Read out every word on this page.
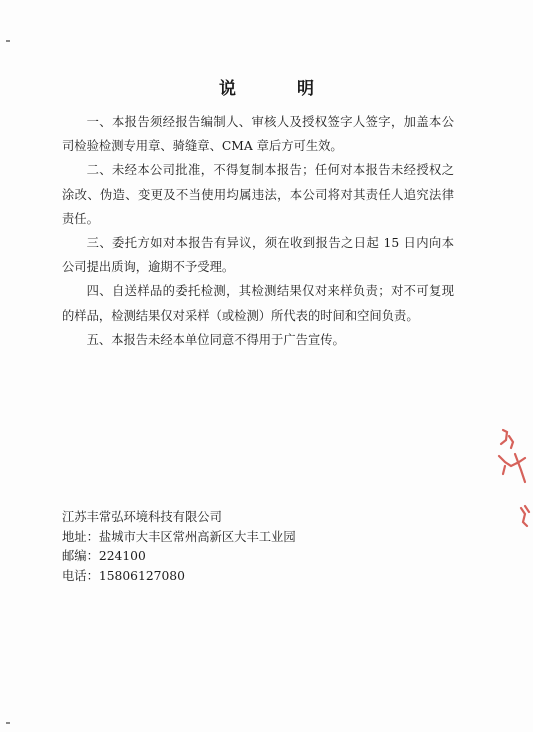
说　明

一、本报告须经报告编制人、审核人及授权签字人签字，加盖本公司检验检测专用章、骑缝章、CMA 章后方可生效。

二、未经本公司批准，不得复制本报告；任何对本报告未经授权之涂改、伪造、变更及不当使用均属违法，本公司将对其责任人追究法律责任。

三、委托方如对本报告有异议，须在收到报告之日起 15 日内向本公司提出质询，逾期不予受理。

四、自送样品的委托检测，其检测结果仅对来样负责；对不可复现的样品，检测结果仅对采样（或检测）所代表的时间和空间负责。

五、本报告未经本单位同意不得用于广告宣传。

江苏丰常弘环境科技有限公司
地址：盐城市大丰区常州高新区大丰工业园
邮编：224100
电话：15806127080
